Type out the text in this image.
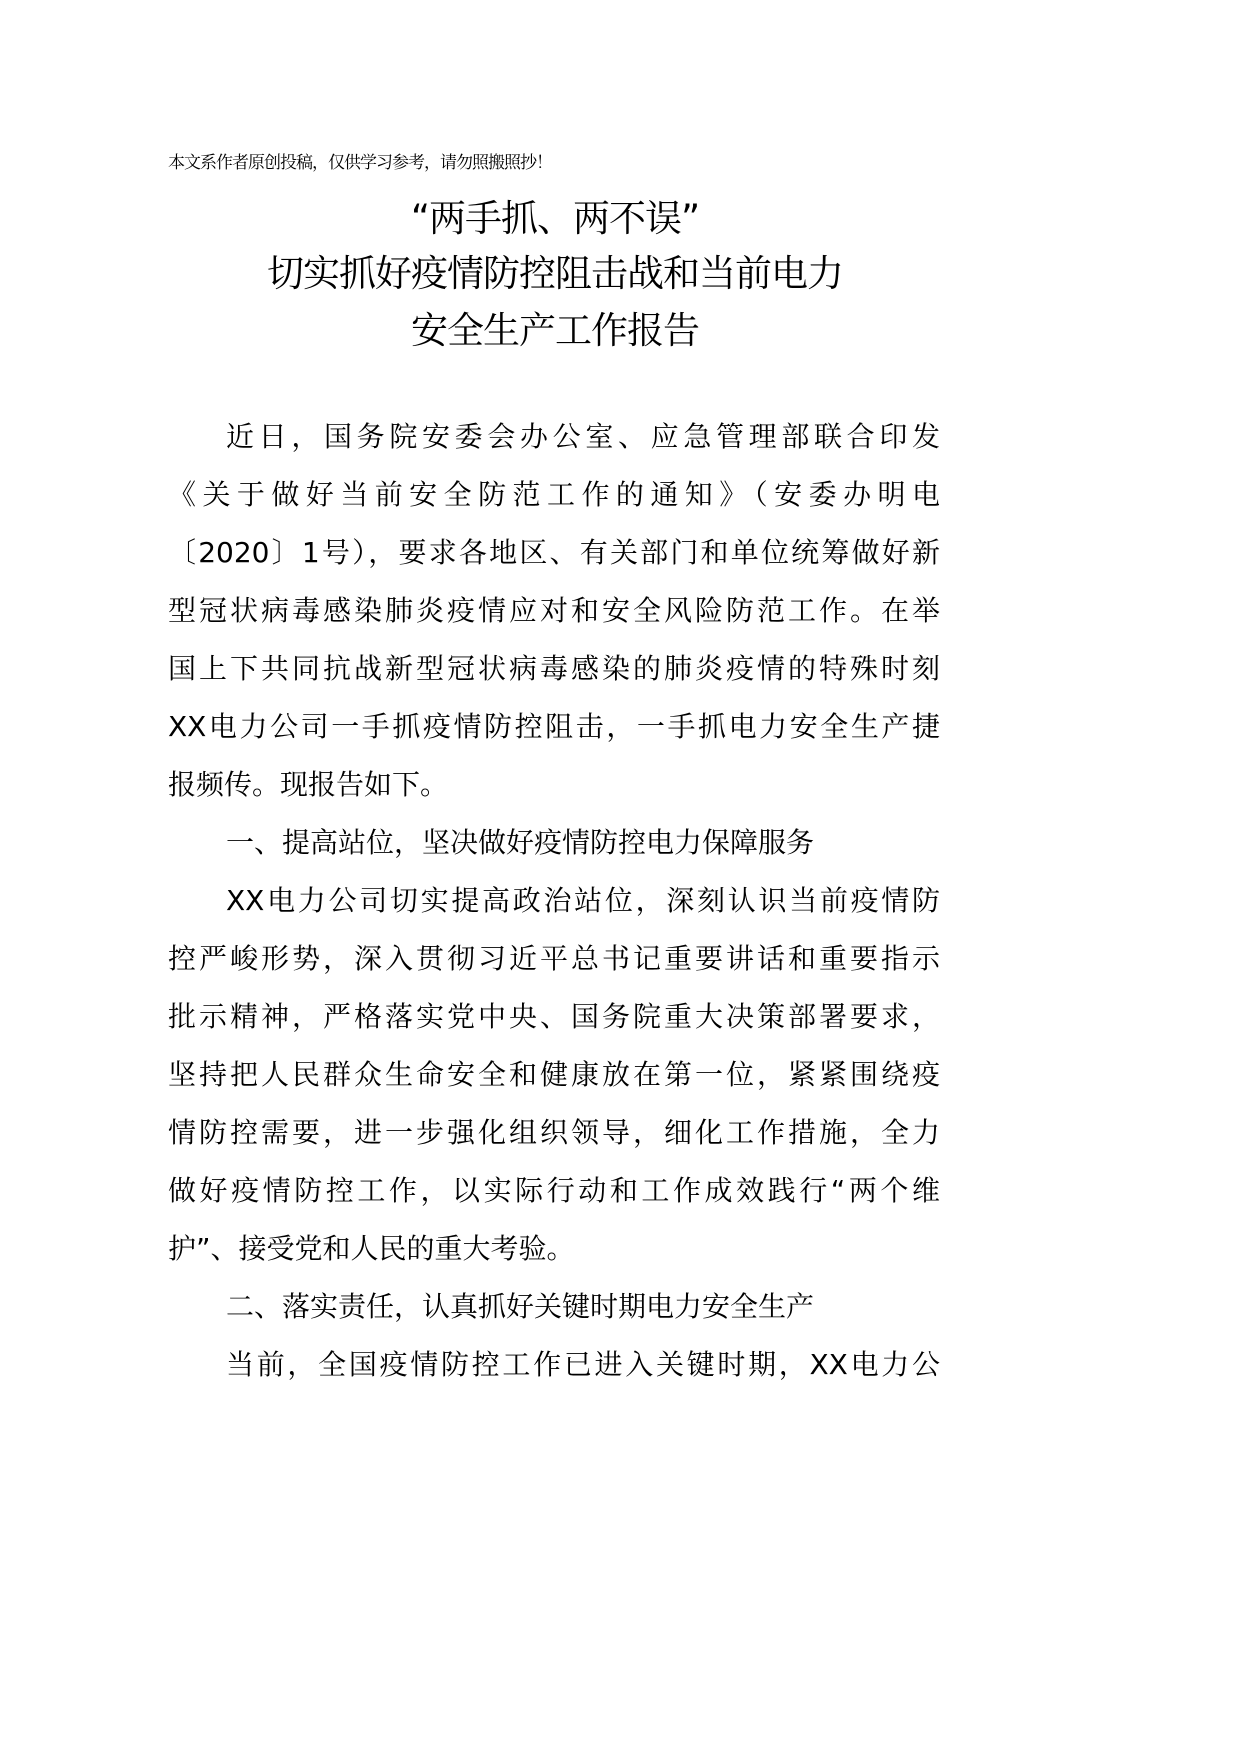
本文系作者原创投稿，仅供学习参考，请勿照搬照抄！
“两手抓、两不误”
切实抓好疫情防控阻击战和当前电力
安全生产工作报告
近日，国务院安委会办公室、应急管理部联合印发
《关于做好当前安全防范工作的通知》（安委办明电
〔2020〕1号），要求各地区、有关部门和单位统筹做好新
型冠状病毒感染肺炎疫情应对和安全风险防范工作。在举
国上下共同抗战新型冠状病毒感染的肺炎疫情的特殊时刻
XX电力公司一手抓疫情防控阻击，一手抓电力安全生产捷
报频传。现报告如下。
一、提高站位，坚决做好疫情防控电力保障服务
XX电力公司切实提高政治站位，深刻认识当前疫情防
控严峻形势，深入贯彻习近平总书记重要讲话和重要指示
批示精神，严格落实党中央、国务院重大决策部署要求，
坚持把人民群众生命安全和健康放在第一位，紧紧围绕疫
情防控需要，进一步强化组织领导，细化工作措施，全力
做好疫情防控工作，以实际行动和工作成效践行“两个维
护”、接受党和人民的重大考验。
二、落实责任，认真抓好关键时期电力安全生产
当前，全国疫情防控工作已进入关键时期，XX电力公
